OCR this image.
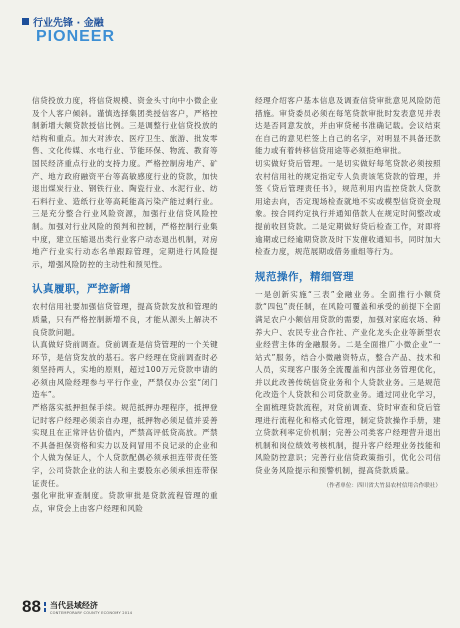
行业先锋 · 金融
PIONEER

信贷投放力度，将信贷规模、资金头寸向中小微企业及个人客户倾斜。谨慎选择集团类授信客户，严格控制新增大额贷款授信比例。三是调整行业信贷投放的结构和重点。加大对涉农、医疗卫生、旅游、批发零售、文化传媒、水电行业、节能环保、物流、教育等国民经济重点行业的支持力度。严格控制房地产、矿产、地方政府融资平台等高敏感度行业的贷款，加快退出煤炭行业、钢铁行业、陶瓷行业、水泥行业、纺石料行业、造纸行业等高耗能高污染产能过剩行业。三是充分整合行业风险资源，加强行业信贷风险控制。加强对行业风险的预判和控制，严格控制行业集中度，建立压缩退出类行业客户动态退出机制，对房地产行业实行动态名单跟踪管理，定期进行风险提示，增强风险防控的主动性和预见性。

认真履职，严控新增

农村信用社要加强信贷管理，提高贷款发放和管理的质量，只有严格控制新增不良，才能从源头上解决不良贷款问题。

认真做好贷前调查。贷前调查是信贷管理的一个关键环节，是信贷发放的基石。客户经理在贷前调查时必须坚持两人，实地的原则，超过100万元贷款申请的必须由风险经理参与平行作业，严禁仅办公室“闭门造车”。

严格落实抵押担保手续。规范抵押办理程序，抵押登记时客户经理必须亲自办理，抵押物必须足值并妥善实现且在正常评估价值内，严禁高评低贷高放。严禁不具备担保资格和实力以及间冒用不良记录的企业和个人做为保证人，个人贷款配偶必须承担连带责任签字，公司贷款企业的法人和主要股东必须承担连带保证责任。

强化审批审查制度。贷款审批是贷款流程管理的重点，审贷会上由客户经理和风险

经理介绍客户基本信息及调查信贷审批意见风险防范措施。审贷委员必须在每笔贷款审批时发表意见并表达是否同意发放，并由审贷秘书准确记载。会议结束在自己的意见栏签上自己的名字，对明显不具备还款能力或有着转移信贷用途等必须拒绝审批。

切实做好贷后管理。一是切实做好每笔贷款必须按照农村信用社的规定指定专人负责该笔贷款的管理，并签《贷后管理责任书》，规范利用内监控贷款人贷款用途去向，否定现场检查就地不实或模型信贷资金现象。按合同约定执行并通知借款人在规定时间整改或提前收回贷款。二是定期做好贷后检查工作，对即将逾期或已经逾期贷款及时下发催收通知书，同时加大检查力度，规范展期或借务重组等行为。

规范操作，精细管理

一是创新实施“三表”金融业务。全面推行小额贷款“四包”责任制，在风险可覆盖和承受的前提下全面满足农户小额信用贷款的需要，加强对家庭农场、种养大户、农民专业合作社、产业化龙头企业等新型农业经营主体的金融服务。二是全面推广小微企业“一站式”服务，结合小微融资特点，整合产品、技术和人员，实现客户服务全流覆盖和内部业务管理优化，并以此改善传统信贷业务和个人贷款业务。三是规范化改造个人贷款和公司贷款业务。通过同业化学习，全面梳理贷款流程，对贷前调查、贷时审查和贷后管理进行流程化和格式化管理，制定贷款操作手册，建立贷款利率定价机制；完善公司类客户经理营升退出机制和岗位绩效考核机制，提升客户经理业务技能和风险防控意识；完善行业信贷政策指引，优化公司信贷业务风险提示和预警机制，提高贷款质量。

（作者单位：四川省大竹县农村信用合作联社）

88 当代县域经济
CONTEMPORARY COUNTY ECONOMY 2014
